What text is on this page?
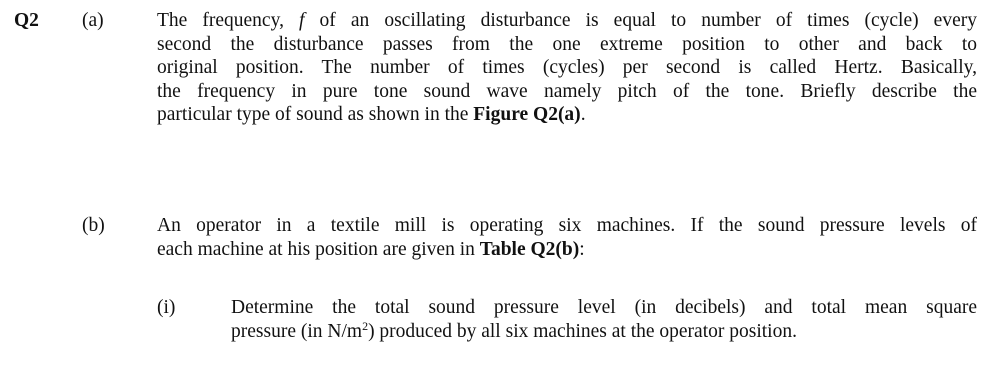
Q2 (a)	The frequency, f of an oscillating disturbance is equal to number of times (cycle) every
second the disturbance passes from the one extreme position to other and back to
original position. The number of times (cycles) per second is called Hertz. Basically,
the frequency in pure tone sound wave namely pitch of the tone. Briefly describe the
particular type of sound as shown in the Figure Q2(a).
(b)	An operator in a textile mill is operating six machines. If the sound pressure levels of
each machine at his position are given in Table Q2(b):
(i)	Determine the total sound pressure level (in decibels) and total mean square
pressure (in $N/m^2$) produced by all six machines at the operator position.
